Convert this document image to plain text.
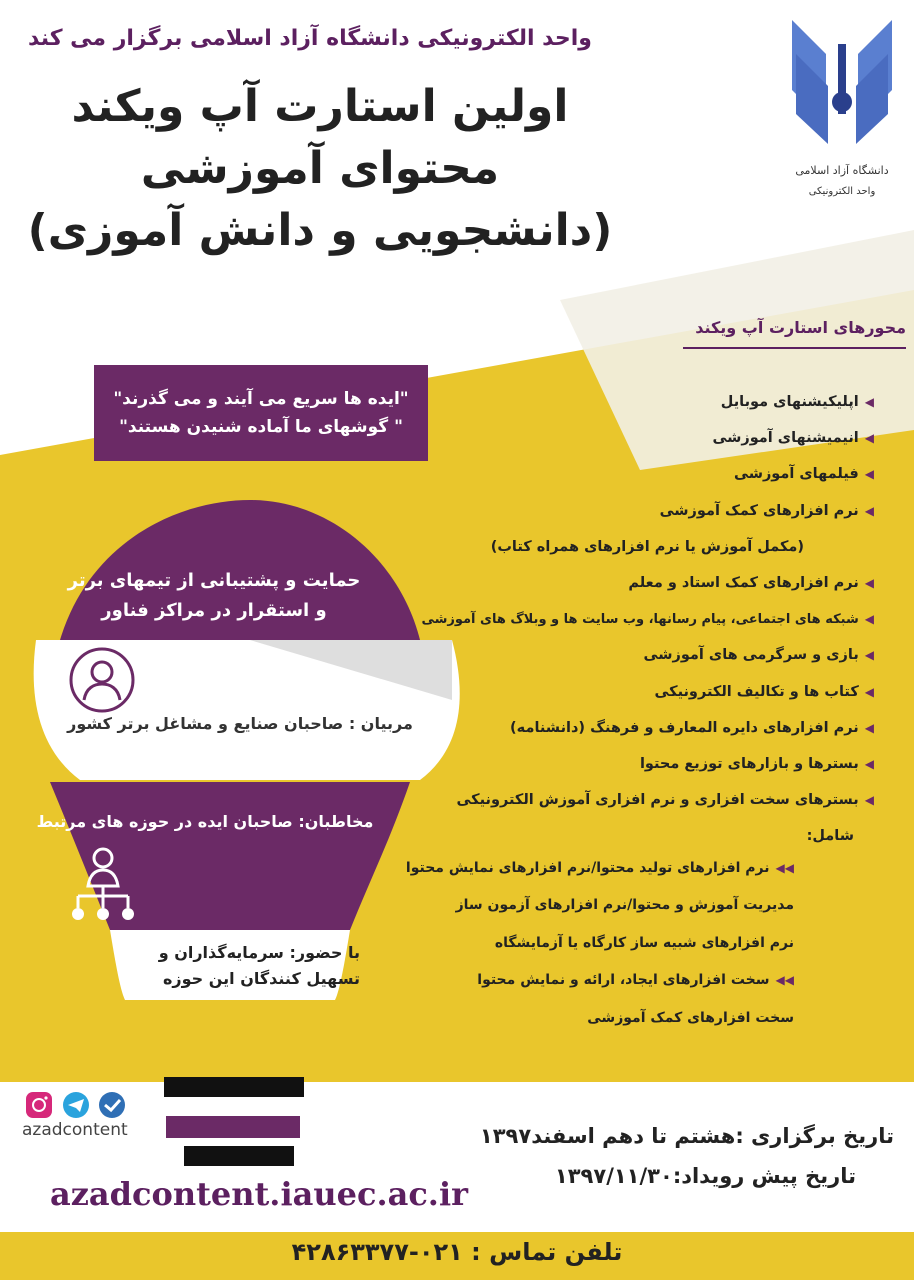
دانشگاه آزاد اسلامی
واحد الکترونیکی
واحد الکترونیکی دانشگاه آزاد اسلامی برگزار می کند
اولین استارت آپ ویکند
محتوای آموزشی
(دانشجویی و دانش آموزی)
"ایده ها سریع می آیند و می گذرند"
" گوشهای ما آماده شنیدن هستند"
محورهای استارت آپ ویکند
◀اپلیکیشنهای موبایل
◀انیمیشنهای آموزشی
◀فیلمهای آموزشی
◀نرم افزارهای کمک آموزشی
(مکمل آموزش یا نرم افزارهای همراه کتاب)
◀نرم افزارهای کمک استاد و معلم
◀شبکه های اجتماعی، پیام رسانها، وب سایت ها و وبلاگ های آموزشی
◀بازی و سرگرمی های آموزشی
◀کتاب ها و تکالیف الکترونیکی
◀نرم افزارهای دایره المعارف و فرهنگ (دانشنامه)
◀بسترها و بازارهای توزیع محتوا
◀بسترهای سخت افزاری و نرم افزاری آموزش الکترونیکی
شامل:
◀◀نرم افزارهای تولید محتوا/نرم افزارهای نمایش محتوا
مدیریت آموزش و محتوا/نرم افزارهای آزمون ساز
نرم افزارهای شبیه ساز کارگاه یا آزمایشگاه
◀◀سخت افزارهای ایجاد، ارائه و نمایش محتوا
سخت افزارهای کمک آموزشی
حمایت و پشتیبانی از تیمهای برتر
و استقرار در مراکز فناور
مربیان : صاحبان صنایع و مشاغل برتر کشور
مخاطبان: صاحبان ایده در حوزه های مرتبط
با حضور: سرمایه‌گذاران و
تسهیل کنندگان این حوزه
azadcontent	تاریخ برگزاری :هشتم تا دهم اسفند۱۳۹۷
تاریخ پیش رویداد:۱۳۹۷/۱۱/۳۰
azadcontent.iauec.ac.ir
تلفن تماس : ۰۲۱-۴۲۸۶۳۳۷۷
